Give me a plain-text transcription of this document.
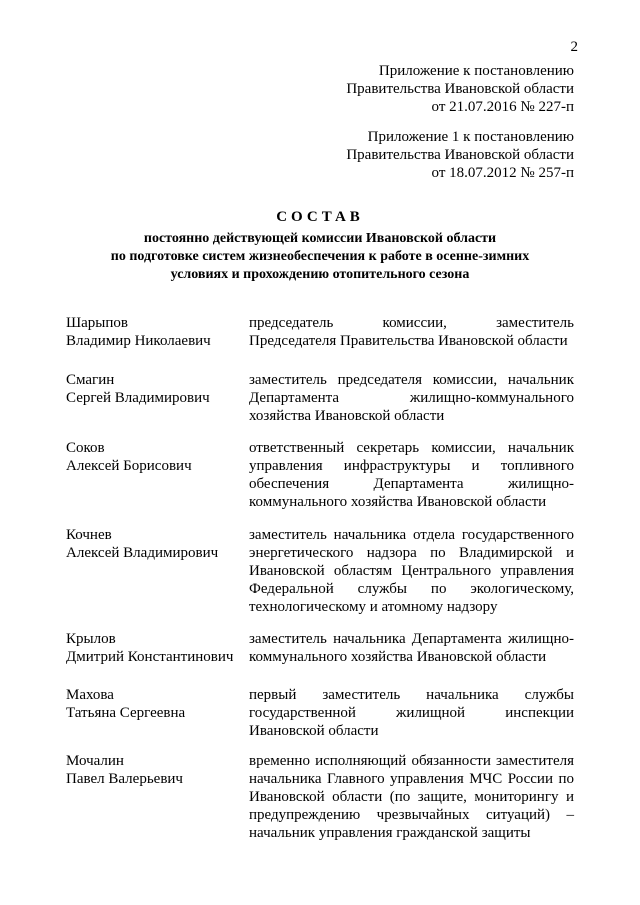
2
Приложение к постановлению
Правительства Ивановской области
от 21.07.2016 № 227-п
Приложение 1 к постановлению
Правительства Ивановской области
от 18.07.2012 № 257-п
СОСТАВ
постоянно действующей комиссии Ивановской области
по подготовке систем жизнеобеспечения к работе в осенне-зимних
условиях и прохождению отопительного сезона
Шарыпов
Владимир Николаевич
председатель комиссии, заместитель
Председателя Правительства Ивановской области
Смагин
Сергей Владимирович
заместитель председателя комиссии, начальник
Департамента жилищно-коммунального
хозяйства Ивановской области
Соков
Алексей Борисович
ответственный секретарь комиссии, начальник
управления инфраструктуры и топливного
обеспечения Департамента жилищно-
коммунального хозяйства Ивановской области
Кочнев
Алексей Владимирович
заместитель начальника отдела государственного
энергетического надзора по Владимирской и
Ивановской областям Центрального управления
Федеральной службы по экологическому,
технологическому и атомному надзору
Крылов
Дмитрий Константинович
заместитель начальника Департамента жилищно-
коммунального хозяйства Ивановской области
Махова
Татьяна Сергеевна
первый заместитель начальника службы
государственной жилищной инспекции
Ивановской области
Мочалин
Павел Валерьевич
временно исполняющий обязанности заместителя
начальника Главного управления МЧС России по
Ивановской области (по защите, мониторингу и
предупреждению чрезвычайных ситуаций) –
начальник управления гражданской защиты
